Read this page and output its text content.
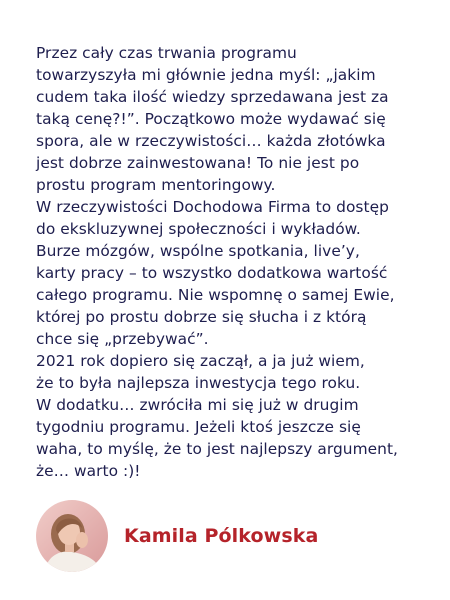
Przez cały czas trwania programu
towarzyszyła mi głównie jedna myśl: „jakim
cudem taka ilość wiedzy sprzedawana jest za
taką cenę?!”. Początkowo może wydawać się
spora, ale w rzeczywistości… każda złotówka
jest dobrze zainwestowana! To nie jest po
prostu program mentoringowy.
W rzeczywistości Dochodowa Firma to dostęp
do ekskluzywnej społeczności i wykładów.
Burze mózgów, wspólne spotkania, live’y,
karty pracy – to wszystko dodatkowa wartość
całego programu. Nie wspomnę o samej Ewie,
której po prostu dobrze się słucha i z którą
chce się „przebywać”.
2021 rok dopiero się zaczął, a ja już wiem,
że to była najlepsza inwestycja tego roku.
W dodatku… zwróciła mi się już w drugim
tygodniu programu. Jeżeli ktoś jeszcze się
waha, to myślę, że to jest najlepszy argument,
że… warto :)!
Kamila Pólkowska
